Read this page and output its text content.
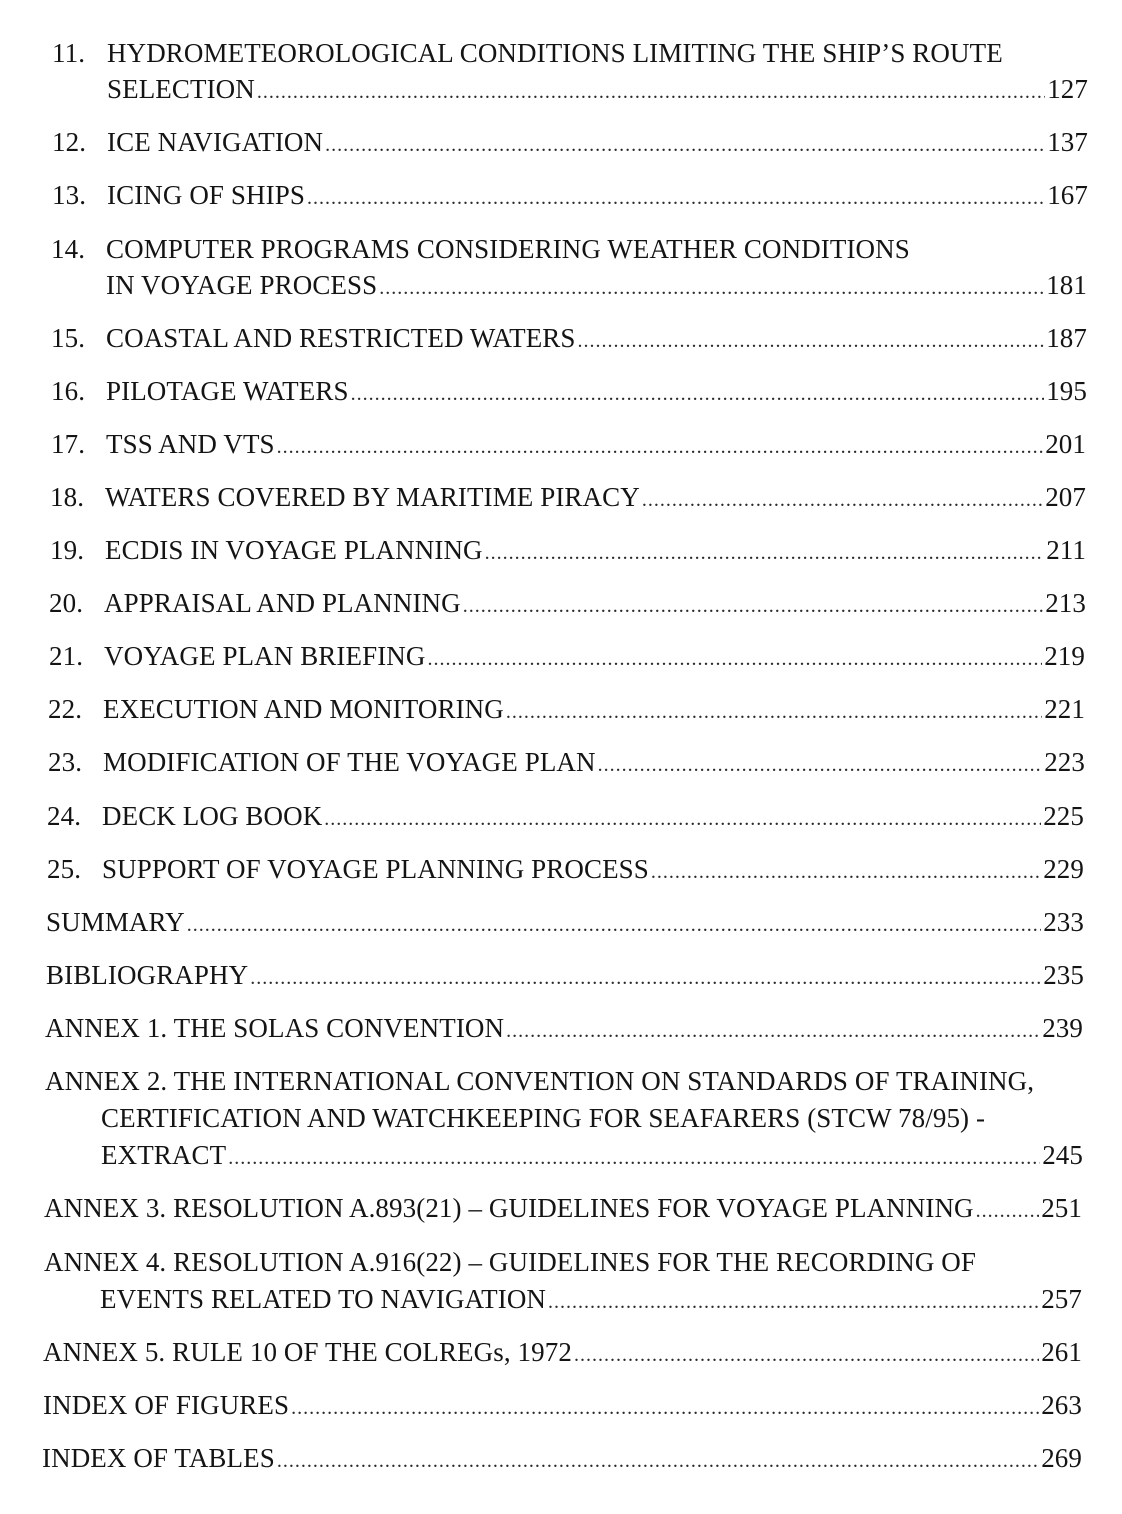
11. HYDROMETEOROLOGICAL CONDITIONS LIMITING THE SHIP’S ROUTE
SELECTION .....	127
12. ICE NAVIGATION .....	137
13. ICING OF SHIPS .....	167
14. COMPUTER PROGRAMS CONSIDERING WEATHER CONDITIONS
IN VOYAGE PROCESS .....	181
15. COASTAL AND RESTRICTED WATERS .....	187
16. PILOTAGE WATERS .....	195
17. TSS AND VTS .....	201
18. WATERS COVERED BY MARITIME PIRACY .....	207
19. ECDIS IN VOYAGE PLANNING .....	211
20. APPRAISAL AND PLANNING .....	213
21. VOYAGE PLAN BRIEFING .....	219
22. EXECUTION AND MONITORING .....	221
23. MODIFICATION OF THE VOYAGE PLAN .....	223
24. DECK LOG BOOK .....	225
25. SUPPORT OF VOYAGE PLANNING PROCESS .....	229
SUMMARY .....	233
BIBLIOGRAPHY .....	235
ANNEX 1. THE SOLAS CONVENTION .....	239
ANNEX 2. THE INTERNATIONAL CONVENTION ON STANDARDS OF TRAINING,
CERTIFICATION AND WATCHKEEPING FOR SEAFARERS (STCW 78/95) -
EXTRACT .....	245
ANNEX 3. RESOLUTION A.893(21) – GUIDELINES FOR VOYAGE PLANNING .....	251
ANNEX 4. RESOLUTION A.916(22) – GUIDELINES FOR THE RECORDING OF
EVENTS RELATED TO NAVIGATION .....	257
ANNEX 5. RULE 10 OF THE COLREGs, 1972 .....	261
INDEX OF FIGURES .....	263
INDEX OF TABLES .....	269
